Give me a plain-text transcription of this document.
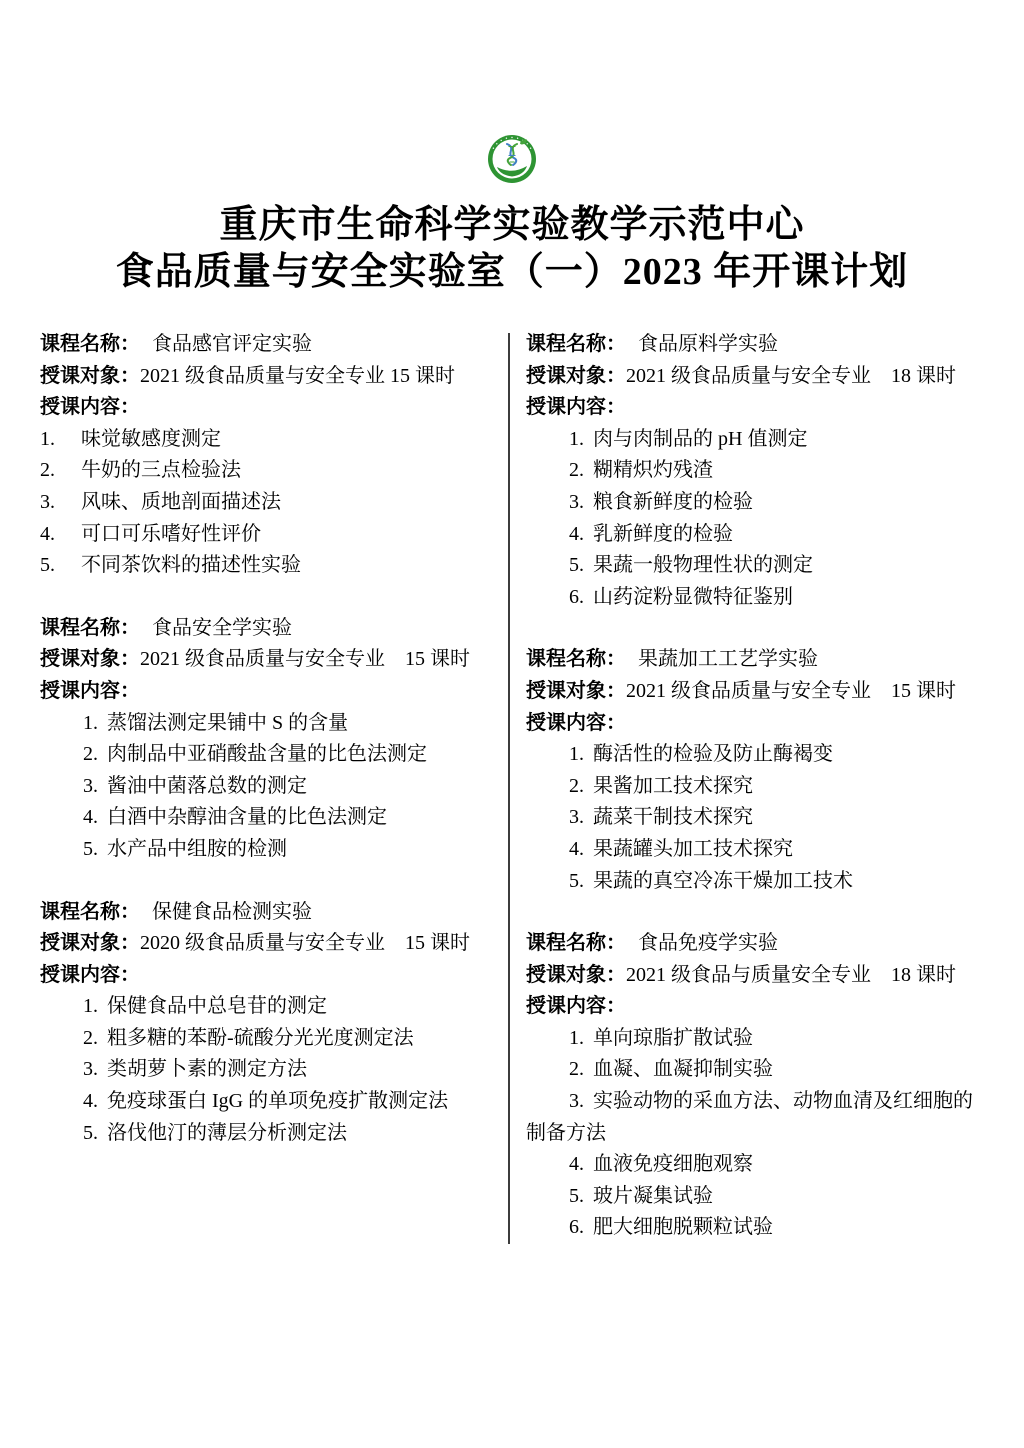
重庆市生命科学实验教学示范中心
食品质量与安全实验室（一）2023 年开课计划

课程名称： 食品感官评定实验

授课对象：2021 级食品质量与安全专业 15 课时

授课内容：

1. 味觉敏感度测定
2. 牛奶的三点检验法
3. 风味、质地剖面描述法
4. 可口可乐嗜好性评价
5. 不同茶饮料的描述性实验

课程名称： 食品安全学实验

授课对象：2021 级食品质量与安全专业　15 课时

授课内容：

1. 蒸馏法测定果铺中 S 的含量
2. 肉制品中亚硝酸盐含量的比色法测定
3. 酱油中菌落总数的测定
4. 白酒中杂醇油含量的比色法测定
5. 水产品中组胺的检测

课程名称： 保健食品检测实验

授课对象：2020 级食品质量与安全专业　15 课时

授课内容：

1. 保健食品中总皂苷的测定
2. 粗多糖的苯酚-硫酸分光光度测定法
3. 类胡萝卜素的测定方法
4. 免疫球蛋白 IgG 的单项免疫扩散测定法
5. 洛伐他汀的薄层分析测定法

课程名称： 食品原料学实验

授课对象：2021 级食品质量与安全专业　18 课时

授课内容：

1. 肉与肉制品的 pH 值测定
2. 糊精炽灼残渣
3. 粮食新鲜度的检验
4. 乳新鲜度的检验
5. 果蔬一般物理性状的测定
6. 山药淀粉显微特征鉴别

课程名称： 果蔬加工工艺学实验

授课对象：2021 级食品质量与安全专业　15 课时

授课内容：

1. 酶活性的检验及防止酶褐变
2. 果酱加工技术探究
3. 蔬菜干制技术探究
4. 果蔬罐头加工技术探究
5. 果蔬的真空冷冻干燥加工技术

课程名称： 食品免疫学实验

授课对象：2021 级食品与质量安全专业　18 课时

授课内容：

1. 单向琼脂扩散试验
2. 血凝、血凝抑制实验
3. 实验动物的采血方法、动物血清及红细胞的制备方法
4. 血液免疫细胞观察
5. 玻片凝集试验
6. 肥大细胞脱颗粒试验
